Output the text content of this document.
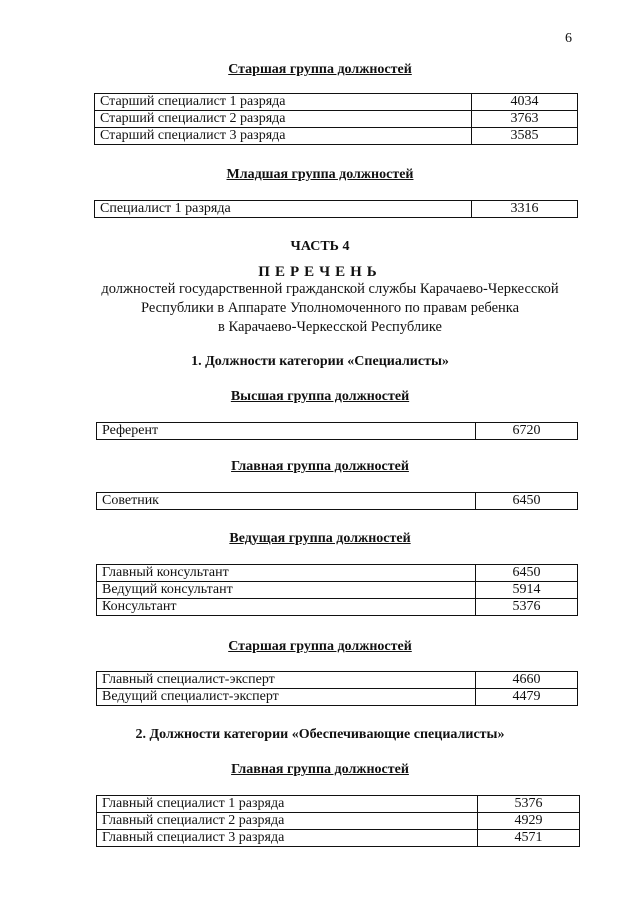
6
Старшая группа должностей
Старший специалист 1 разряда	4034
Старший специалист 2 разряда	3763
Старший специалист 3 разряда	3585
Младшая группа должностей
Специалист 1 разряда	3316
ЧАСТЬ 4
ПЕРЕЧЕНЬ
должностей государственной гражданской службы Карачаево-Черкесской
Республики в Аппарате Уполномоченного по правам ребенка
в Карачаево-Черкесской Республике
1. Должности категории «Специалисты»
Высшая группа должностей
Референт	6720
Главная группа должностей
Советник	6450
Ведущая группа должностей
Главный консультант	6450
Ведущий консультант	5914
Консультант	5376
Старшая группа должностей
Главный специалист-эксперт	4660
Ведущий специалист-эксперт	4479
2. Должности категории «Обеспечивающие специалисты»
Главная группа должностей
Главный специалист 1 разряда	5376
Главный специалист 2 разряда	4929
Главный специалист 3 разряда	4571
